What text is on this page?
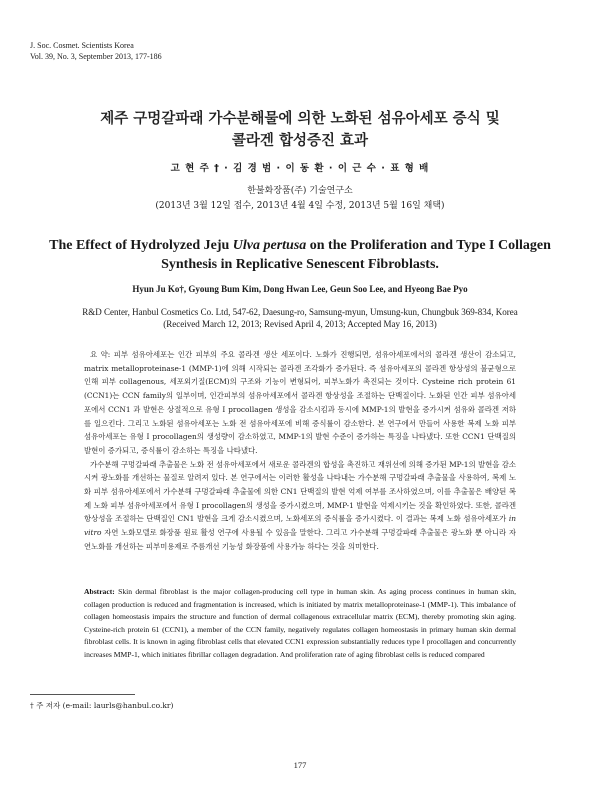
J. Soc. Cosmet. Scientists Korea
Vol. 39, No. 3, September 2013, 177-186
제주 구멍갈파래 가수분해물에 의한 노화된 섬유아세포 증식 및
콜라겐 합성증진 효과
고 현 주 † · 김 경 범 · 이 동 환 · 이 근 수 · 표 형 배
한불화장품(주) 기술연구소
(2013년 3월 12일 접수, 2013년 4월 4일 수정, 2013년 5월 16일 채택)
The Effect of Hydrolyzed Jeju Ulva pertusa on the Proliferation and Type I Collagen Synthesis in Replicative Senescent Fibroblasts.
Hyun Ju Ko†, Gyoung Bum Kim, Dong Hwan Lee, Geun Soo Lee, and Hyeong Bae Pyo
R&D Center, Hanbul Cosmetics Co. Ltd, 547-62, Daesung-ro, Samsung-myun, Umsung-kun, Chungbuk 369-834, Korea
(Received March 12, 2013; Revised April 4, 2013; Accepted May 16, 2013)

요 약: 피부 섬유아세포는 인간 피부의 주요 콜라겐 생산 세포이다. 노화가 진행되면, 섬유아세포에서의 콜라겐 생산이 감소되고, matrix metalloproteinase-1 (MMP-1)에 의해 시작되는 콜라겐 조각화가 증가된다. 즉 섬유아세포의 콜라겐 항상성의 불균형으로 인해 피부 collagenous, 세포외기질(ECM)의 구조와 기능이 변형되어, 피부노화가 촉진되는 것이다. Cysteine rich protein 61 (CCN1)는 CCN family의 일부이며, 인간피부의 섬유아세포에서 콜라겐 항상성을 조절하는 단백질이다. 노화된 인간 피부 섬유아세포에서 CCN1 과 발현은 상절적으로 유형 Ⅰ procollagen 생성을 감소시킴과 동시에 MMP-1의 발현을 증가시켜 섬유와 콜라겐 저하를 일으킨다. 그리고 노화된 섬유아세포는 노화 전 섬유아세포에 비해 증식률이 감소한다. 본 연구에서 만들어 사용한 복제 노화 피부 섬유아세포는 유형 Ⅰ procollagen의 생성량이 감소하였고, MMP-1의 발현 수준이 증가하는 특징을 나타냈다. 또한 CCN1 단백질의 발현이 증가되고, 증식률이 감소하는 특징을 나타냈다.

가수분해 구멍갈파래 추출물은 노화 전 섬유아세포에서 새로운 콜라겐의 합성을 촉진하고 재위선에 의해 증가된 MP-1의 발현을 감소시켜 광노화를 개선하는 물질로 알려져 있다. 본 연구에서는 이러한 활성을 나타내는 가수분해 구멍갈파래 추출물을 사용하여, 복제 노화 피부 섬유아세포에서 가수분해 구멍갈파래 추출물에 의한 CN1 단백질의 발현 억제 여부를 조사하였으며, 이를 추출물은 배양된 복제 노화 피부 섬유아세포에서 유형 Ⅰ procollagen의 생성을 증가시켰으며, MMP-1 발현을 억제시키는 것을 확인하였다. 또한, 콜라겐 항상성을 조절하는 단백질인 CN1 발현을 크게 감소시켰으며, 노화세포의 증식률을 증가시켰다. 이 결과는 복제 노화 섬유아세포가 in vitro 자연 노화모델로 화장품 원료 활성 연구에 사용될 수 있음을 말한다. 그리고 가수분해 구멍갈파래 추출물은 광노화 뿐 아니라 자연노화를 개선하는 피부미용제로 주름개선 기능성 화장품에 사용가능 하다는 것을 의미한다.

Abstract: Skin dermal fibroblast is the major collagen-producing cell type in human skin. As aging process continues in human skin, collagen production is reduced and fragmentation is increased, which is initiated by matrix metalloproteinase-1 (MMP-1). This imbalance of collagen homeostasis impairs the structure and function of dermal collagenous extracellular matrix (ECM), thereby promoting skin aging. Cysteine-rich protein 61 (CCN1), a member of the CCN family, negatively regulates collagen homeostasis in primary human skin dermal fibroblast cells. It is known in aging fibroblast cells that elevated CCN1 expression substantially reduces type Ⅰ procollagen and concurrently increases MMP-1, which initiates fibrillar collagen degradation. And proliferation rate of aging fibroblast cells is reduced compared
† 주 저자 (e-mail: laurls@hanbul.co.kr)
177
